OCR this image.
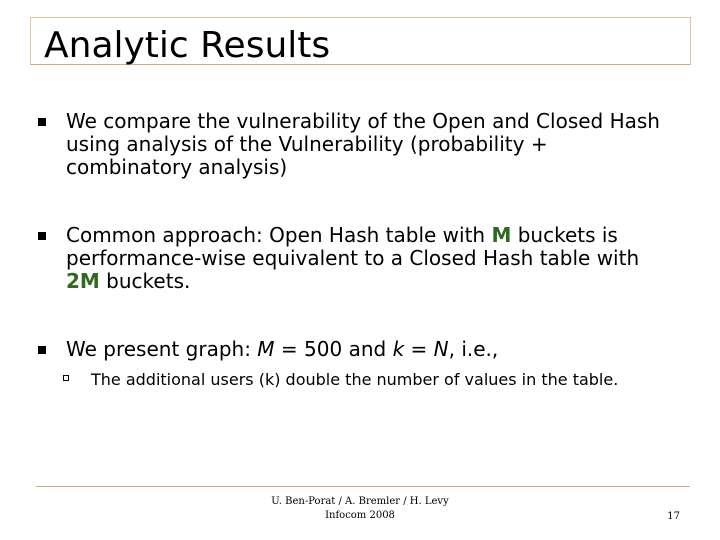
Analytic Results
We compare the vulnerability of the Open and Closed Hash using analysis of the Vulnerability (probability + combinatory analysis)
Common approach: Open Hash table with M buckets is performance-wise equivalent to a Closed Hash table with 2M buckets.
We present graph: M = 500 and k = N, i.e.,
The additional users (k) double the number of values in the table.
U. Ben-Porat / A. Bremler / H. Levy
Infocom 2008	17
